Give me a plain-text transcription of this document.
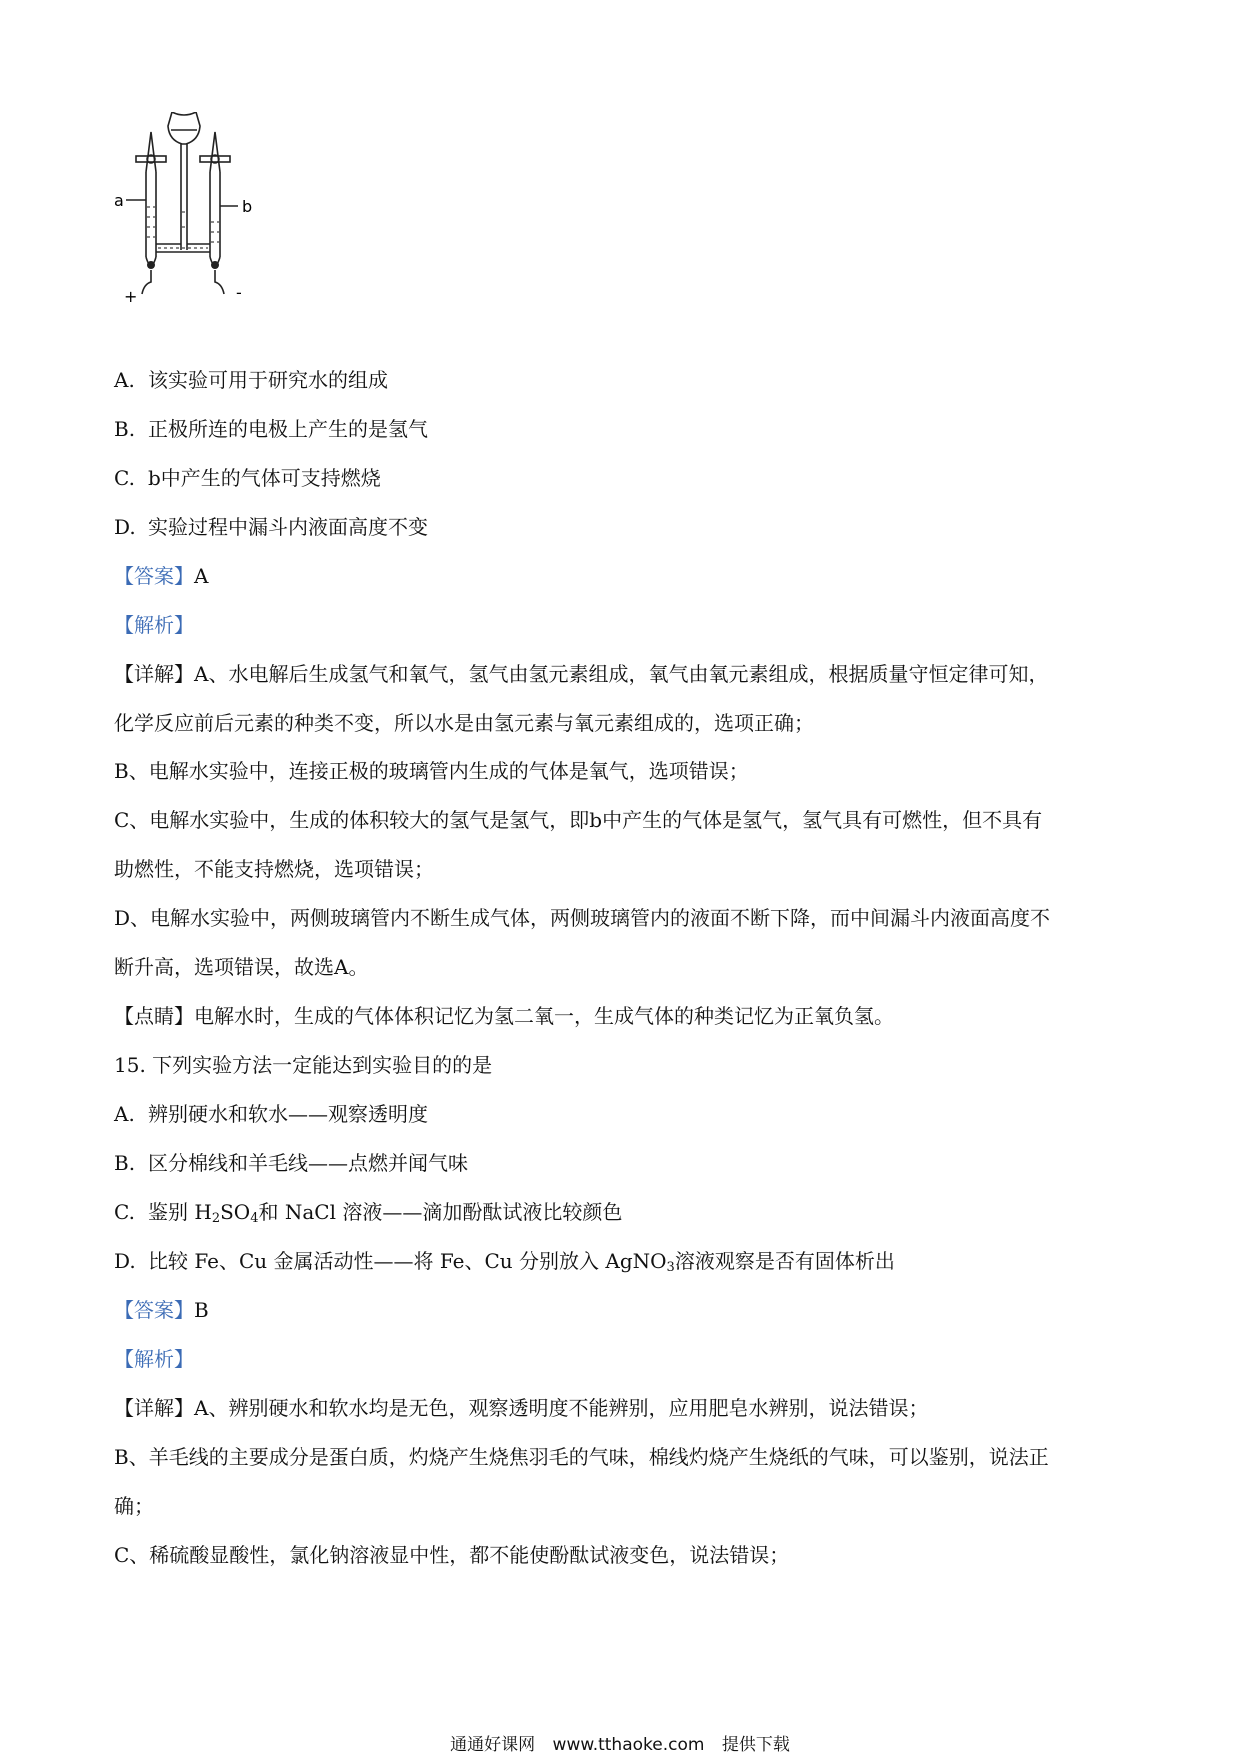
a	b
+	-
A. 该实验可用于研究水的组成
B. 正极所连的电极上产生的是氢气
C. b中产生的气体可支持燃烧
D. 实验过程中漏斗内液面高度不变
【答案】A
【解析】
【详解】A、水电解后生成氢气和氧气，氢气由氢元素组成，氧气由氧元素组成，根据质量守恒定律可知，
化学反应前后元素的种类不变，所以水是由氢元素与氧元素组成的，选项正确；
B、电解水实验中，连接正极的玻璃管内生成的气体是氧气，选项错误；
C、电解水实验中，生成的体积较大的氢气是氢气，即b中产生的气体是氢气，氢气具有可燃性，但不具有
助燃性，不能支持燃烧，选项错误；
D、电解水实验中，两侧玻璃管内不断生成气体，两侧玻璃管内的液面不断下降，而中间漏斗内液面高度不
断升高，选项错误，故选A。
【点睛】电解水时，生成的气体体积记忆为氢二氧一，生成气体的种类记忆为正氧负氢。
15. 下列实验方法一定能达到实验目的的是
A. 辨别硬水和软水——观察透明度
B. 区分棉线和羊毛线——点燃并闻气味
C. 鉴别 $H_2SO_4$和 NaCl 溶液——滴加酚酞试液比较颜色
D. 比较 Fe、Cu 金属活动性——将 Fe、Cu 分别放入 AgNO$_3$溶液观察是否有固体析出
【答案】B
【解析】
【详解】A、辨别硬水和软水均是无色，观察透明度不能辨别，应用肥皂水辨别，说法错误；
B、羊毛线的主要成分是蛋白质，灼烧产生烧焦羽毛的气味，棉线灼烧产生烧纸的气味，可以鉴别，说法正
确；
C、稀硫酸显酸性，氯化钠溶液显中性，都不能使酚酞试液变色，说法错误；
通通好课网 www.tthaoke.com 提供下载
